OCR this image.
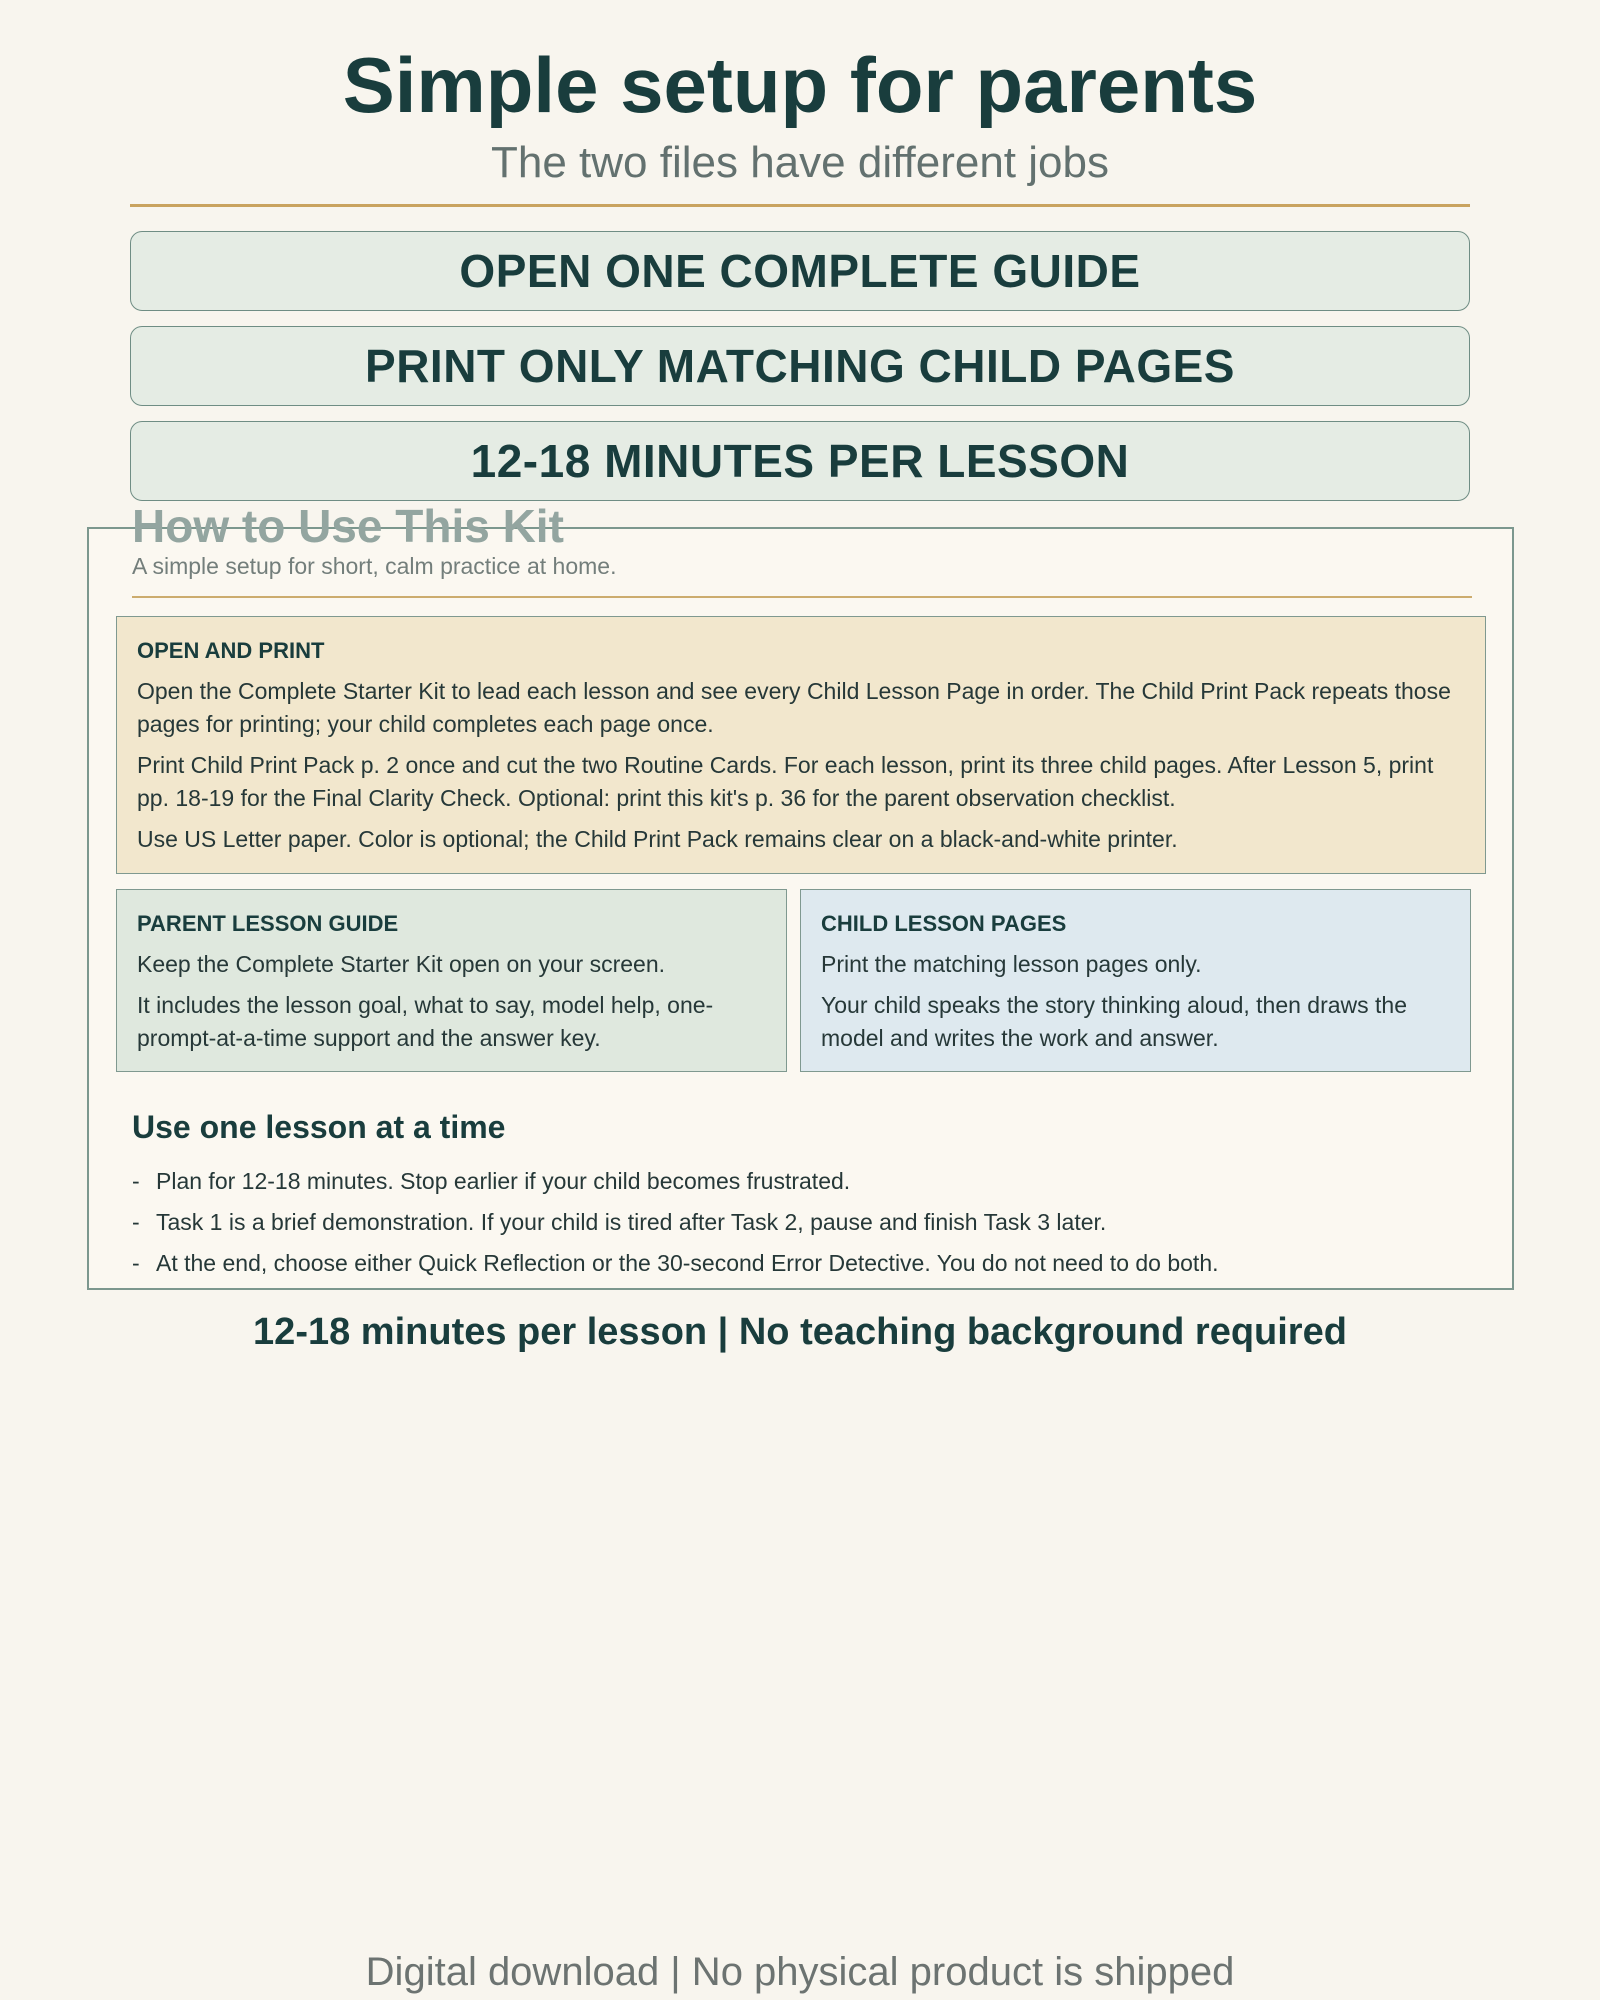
Simple setup for parents
The two files have different jobs
OPEN ONE COMPLETE GUIDE
PRINT ONLY MATCHING CHILD PAGES
12-18 MINUTES PER LESSON
How to Use This Kit
A simple setup for short, calm practice at home.
OPEN AND PRINT

Open the Complete Starter Kit to lead each lesson and see every Child Lesson Page in order. The Child Print Pack repeats those pages for printing; your child completes each page once.

Print Child Print Pack p. 2 once and cut the two Routine Cards. For each lesson, print its three child pages. After Lesson 5, print pp. 18-19 for the Final Clarity Check. Optional: print this kit's p. 36 for the parent observation checklist.

Use US Letter paper. Color is optional; the Child Print Pack remains clear on a black-and-white printer.

PARENT LESSON GUIDE

Keep the Complete Starter Kit open on your screen.

It includes the lesson goal, what to say, model help, one-prompt-at-a-time support and the answer key.

CHILD LESSON PAGES

Print the matching lesson pages only.

Your child speaks the story thinking aloud, then draws the model and writes the work and answer.

Use one lesson at a time
- Plan for 12-18 minutes. Stop earlier if your child becomes frustrated.
- Task 1 is a brief demonstration. If your child is tired after Task 2, pause and finish Task 3 later.
- At the end, choose either Quick Reflection or the 30-second Error Detective. You do not need to do both.
12-18 minutes per lesson | No teaching background required
Digital download | No physical product is shipped
